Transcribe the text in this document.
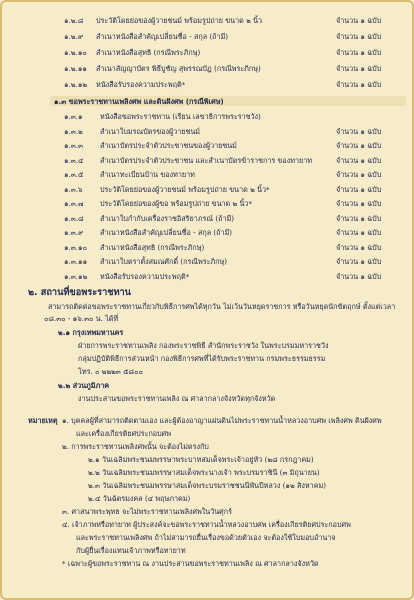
๑.๒.๘ ประวัติโดยย่อของผู้วายชนม์ พร้อมรูปถ่าย ขนาด ๒ นิ้ว	จำนวน ๑ ฉบับ
๑.๒.๙ สำเนาหนังสือสำคัญเปลี่ยนชื่อ - สกุล (ถ้ามี)	จำนวน ๑ ฉบับ
๑.๒.๑๐ สำเนาหนังสือสุทธิ (กรณีพระภิกษุ)	จำนวน ๑ ฉบับ
๑.๒.๑๑ สำเนาสัญญาบัตร พิธีบูชัญ สุพรรณบัฏ (กรณีพระภิกษุ)	จำนวน ๑ ฉบับ
๑.๒.๑๒ หนังสือรับรองความประพฤติ*	จำนวน ๑ ฉบับ
๑.๓ ขอพระราชทานเพลิงศพ และดินฝังศพ (กรณีพิเศษ)
๑.๓.๑ หนังสือขอพระราชทาน (เรียน เลขาธิการพระราชวัง)
๑.๓.๒ สำเนาใบมรณบัตรของผู้วายชนม์	จำนวน ๑ ฉบับ
๑.๓.๓ สำเนาบัตรประจำตัวประชาชนของผู้วายชนม์	จำนวน ๑ ฉบับ
๑.๓.๔ สำเนาบัตรประจำตัวประชาชน และสำเนาบัตรข้าราชการ ของทายาท	จำนวน ๑ ฉบับ
๑.๓.๕ สำเนาทะเบียนบ้าน ของทายาท	จำนวน ๑ ฉบับ
๑.๓.๖ ประวัติโดยย่อของผู้วายชนม์ พร้อมรูปถ่าย ขนาด ๒ นิ้ว*	จำนวน ๑ ฉบับ
๑.๓.๗ ประวัติโดยย่อของผู้ขอ พร้อมรูปถ่าย ขนาด ๒ นิ้ว*	จำนวน ๑ ฉบับ
๑.๓.๘ สำเนาใบกำกับเครื่องราชอิสริยาภรณ์ (ถ้ามี)	จำนวน ๑ ฉบับ
๑.๓.๙ สำเนาหนังสือสำคัญเปลี่ยนชื่อ - สกุล (ถ้ามี)	จำนวน ๑ ฉบับ
๑.๓.๑๐ สำเนาหนังสือสุทธิ (กรณีพระภิกษุ)	จำนวน ๑ ฉบับ
๑.๓.๑๑ สำเนาใบตราตั้งสมณศักดิ์ (กรณีพระภิกษุ)	จำนวน ๑ ฉบับ
๑.๓.๑๒ หนังสือรับรองความประพฤติ*	จำนวน ๑ ฉบับ
๒. สถานที่ขอพระราชทาน
สามารถติดต่อขอพระราชทานเกี่ยวกับพิธีการศพได้ทุกวัน ไม่เว้นวันหยุดราชการ หรือวันหยุดนักขัตฤกษ์ ตั้งแต่เวลา
๐๘.๓๐ - ๑๖.๓๐ น. ได้ที่
๒.๑ กรุงเทพมหานคร
ฝ่ายการพระราชทานเพลิง กองพระราชพิธี สำนักพระราชวัง ในพระบรมมหาราชวัง
กลุ่มปฏิบัติพิธีการส่วนหน้า กองพิธีการศพที่ได้รับพระราชทาน กรมพระธรรมธรรม
โทร. ๐ ๒๒๒๓ ๕๘๐๐
๒.๒ ส่วนภูมิภาค
งานประสานขอพระราชทานเพลิง ณ ศาลากลางจังหวัดทุกจังหวัด
หมายเหตุ ๑. บุคคลผู้ที่สามารถติดตามเอง และผู้ต้องอาญาแผ่นดินไม่พระราชทานน้ำหลวงอาบศพ เพลิงศพ ดินฝังศพ
และเครื่องเกียรติยศประกอบศพ
๒. การพระราชทานเพลิงศพนั้น จะต้องไม่ตรงกับ
๒.๑ วันเฉลิมพระชนมพรรษาพระบาทสมเด็จพระเจ้าอยู่หัว (๒๘ กรกฎาคม)
๒.๒ วันเฉลิมพระชนมพรรษาสมเด็จพระนางเจ้า พระบรมราชินี (๓ มิถุนายน)
๒.๓ วันเฉลิมพระชนมพรรษาสมเด็จพระบรมราชชนนีพันปีหลวง (๑๒ สิงหาคม)
๒.๔ วันฉัตรมงคล (๔ พฤษภาคม)
๓. ศาสนาพระพุทธ จะไม่พระราชทานเพลิงศพในวันศุกร์
๔. เจ้าภาพหรือทายาท ผู้ประสงค์จะขอพระราชทานน้ำหลวงอาบศพ เครื่องเกียรติยศประกอบศพ
และพระราชทานเพลิงศพ ถ้าไม่สามารถยื่นเรื่องขอด้วยตัวเอง จะต้องใช้ใบมอบอำนาจ
กับผู้ยื่นเรื่องแทนเจ้าภาพหรือทายาท
* เฉพาะผู้ขอพระราชทาน ณ งานประสานขอพระราชทานเพลิง ณ ศาลากลางจังหวัด
